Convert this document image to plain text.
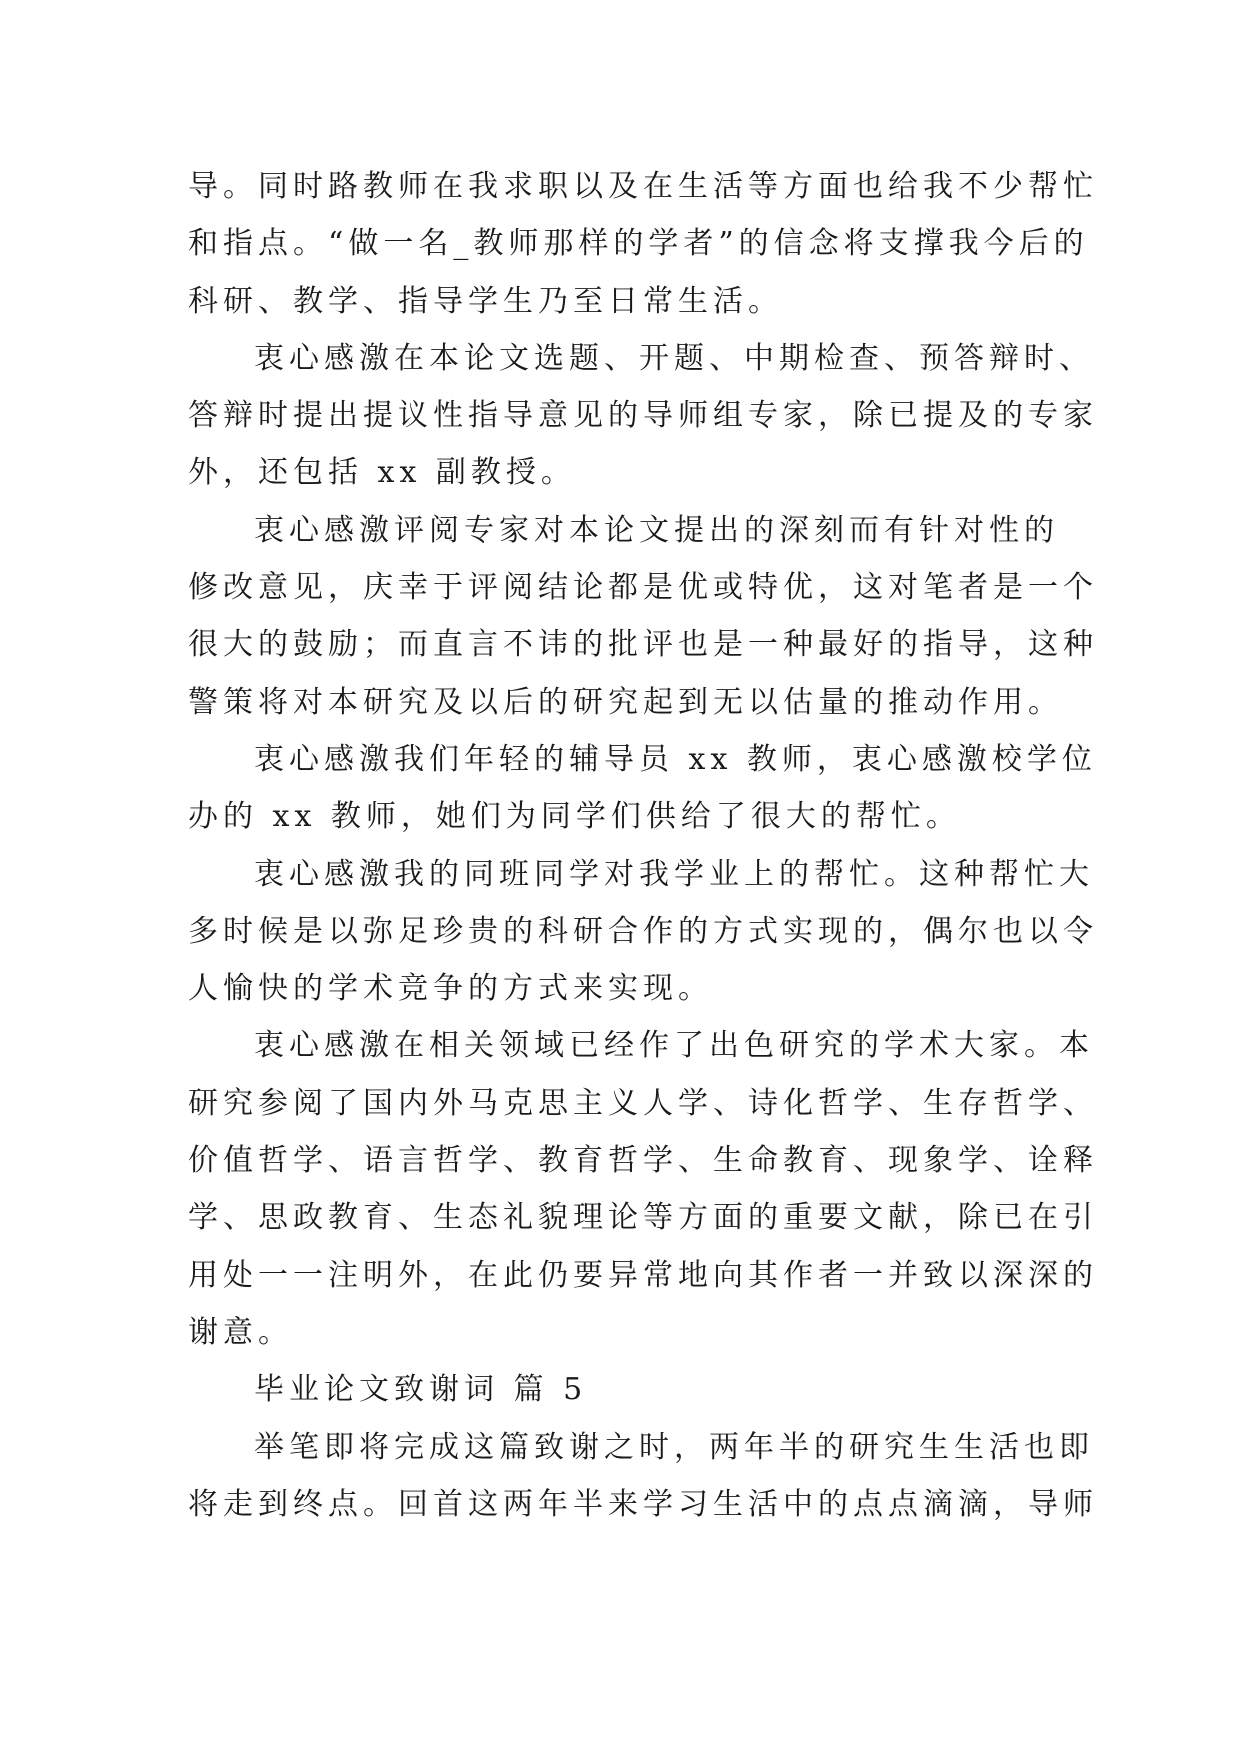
导。同时路教师在我求职以及在生活等方面也给我不少帮忙
和指点。“做一名_教师那样的学者”的信念将支撑我今后的
科研、教学、指导学生乃至日常生活。
衷心感激在本论文选题、开题、中期检查、预答辩时、
答辩时提出提议性指导意见的导师组专家，除已提及的专家
外，还包括 xx 副教授。
衷心感激评阅专家对本论文提出的深刻而有针对性的
修改意见，庆幸于评阅结论都是优或特优，这对笔者是一个
很大的鼓励；而直言不讳的批评也是一种最好的指导，这种
警策将对本研究及以后的研究起到无以估量的推动作用。
衷心感激我们年轻的辅导员 xx 教师，衷心感激校学位
办的 xx 教师，她们为同学们供给了很大的帮忙。
衷心感激我的同班同学对我学业上的帮忙。这种帮忙大
多时候是以弥足珍贵的科研合作的方式实现的，偶尔也以令
人愉快的学术竞争的方式来实现。
衷心感激在相关领域已经作了出色研究的学术大家。本
研究参阅了国内外马克思主义人学、诗化哲学、生存哲学、
价值哲学、语言哲学、教育哲学、生命教育、现象学、诠释
学、思政教育、生态礼貌理论等方面的重要文献，除已在引
用处一一注明外，在此仍要异常地向其作者一并致以深深的
谢意。
毕业论文致谢词 篇 5
举笔即将完成这篇致谢之时，两年半的研究生生活也即
将走到终点。回首这两年半来学习生活中的点点滴滴，导师
